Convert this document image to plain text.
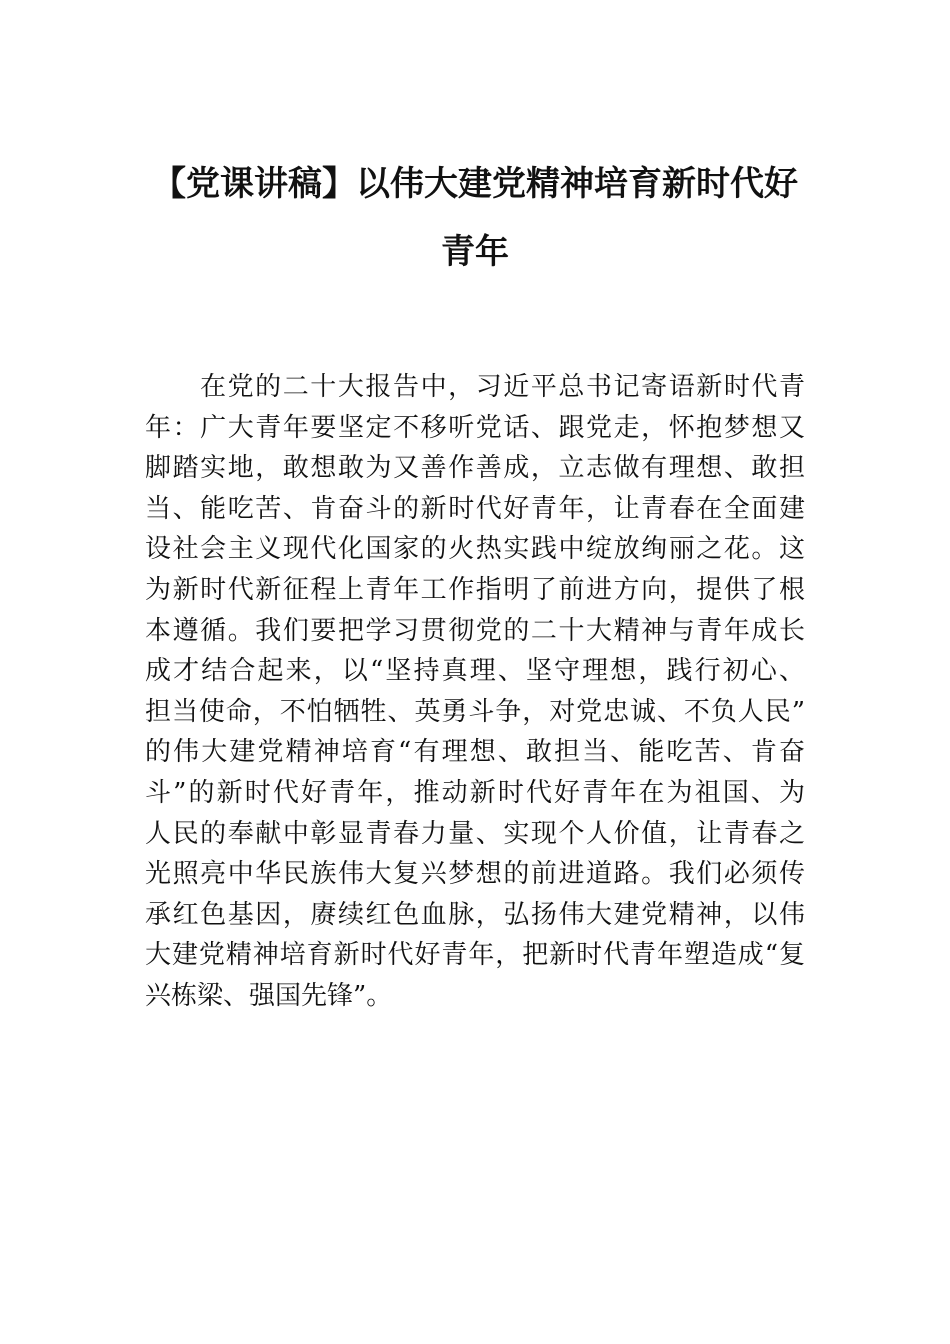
【党课讲稿】以伟大建党精神培育新时代好
青年
在党的二十大报告中，习近平总书记寄语新时代青
年：广大青年要坚定不移听党话、跟党走，怀抱梦想又
脚踏实地，敢想敢为又善作善成，立志做有理想、敢担
当、能吃苦、肯奋斗的新时代好青年，让青春在全面建
设社会主义现代化国家的火热实践中绽放绚丽之花。这
为新时代新征程上青年工作指明了前进方向，提供了根
本遵循。我们要把学习贯彻党的二十大精神与青年成长
成才结合起来，以“坚持真理、坚守理想，践行初心、
担当使命，不怕牺牲、英勇斗争，对党忠诚、不负人民”
的伟大建党精神培育“有理想、敢担当、能吃苦、肯奋
斗”的新时代好青年，推动新时代好青年在为祖国、为
人民的奉献中彰显青春力量、实现个人价值，让青春之
光照亮中华民族伟大复兴梦想的前进道路。我们必须传
承红色基因，赓续红色血脉，弘扬伟大建党精神，以伟
大建党精神培育新时代好青年，把新时代青年塑造成“复
兴栋梁、强国先锋”。
